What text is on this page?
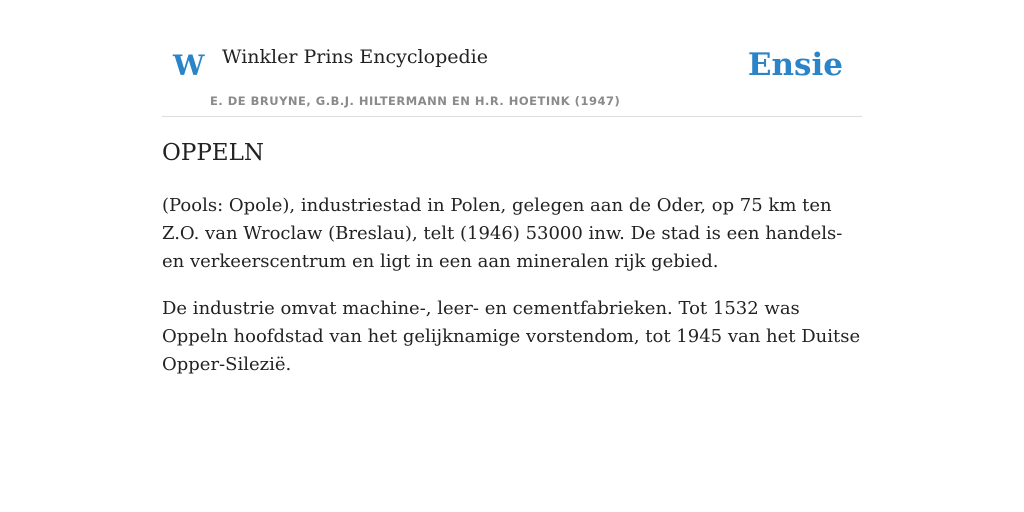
W Winkler Prins Encyclopedie
E. DE BRUYNE, G.B.J. HILTERMANN EN H.R. HOETINK (1947)
Ensie
OPPELN

(Pools: Opole), industriestad in Polen, gelegen aan de Oder, op 75 km ten Z.O. van Wroclaw (Breslau), telt (1946) 53000 inw. De stad is een handels- en verkeerscentrum en ligt in een aan mineralen rijk gebied.

De industrie omvat machine-, leer- en cementfabrieken. Tot 1532 was Oppeln hoofdstad van het gelijknamige vorstendom, tot 1945 van het Duitse Opper-Silezië.
